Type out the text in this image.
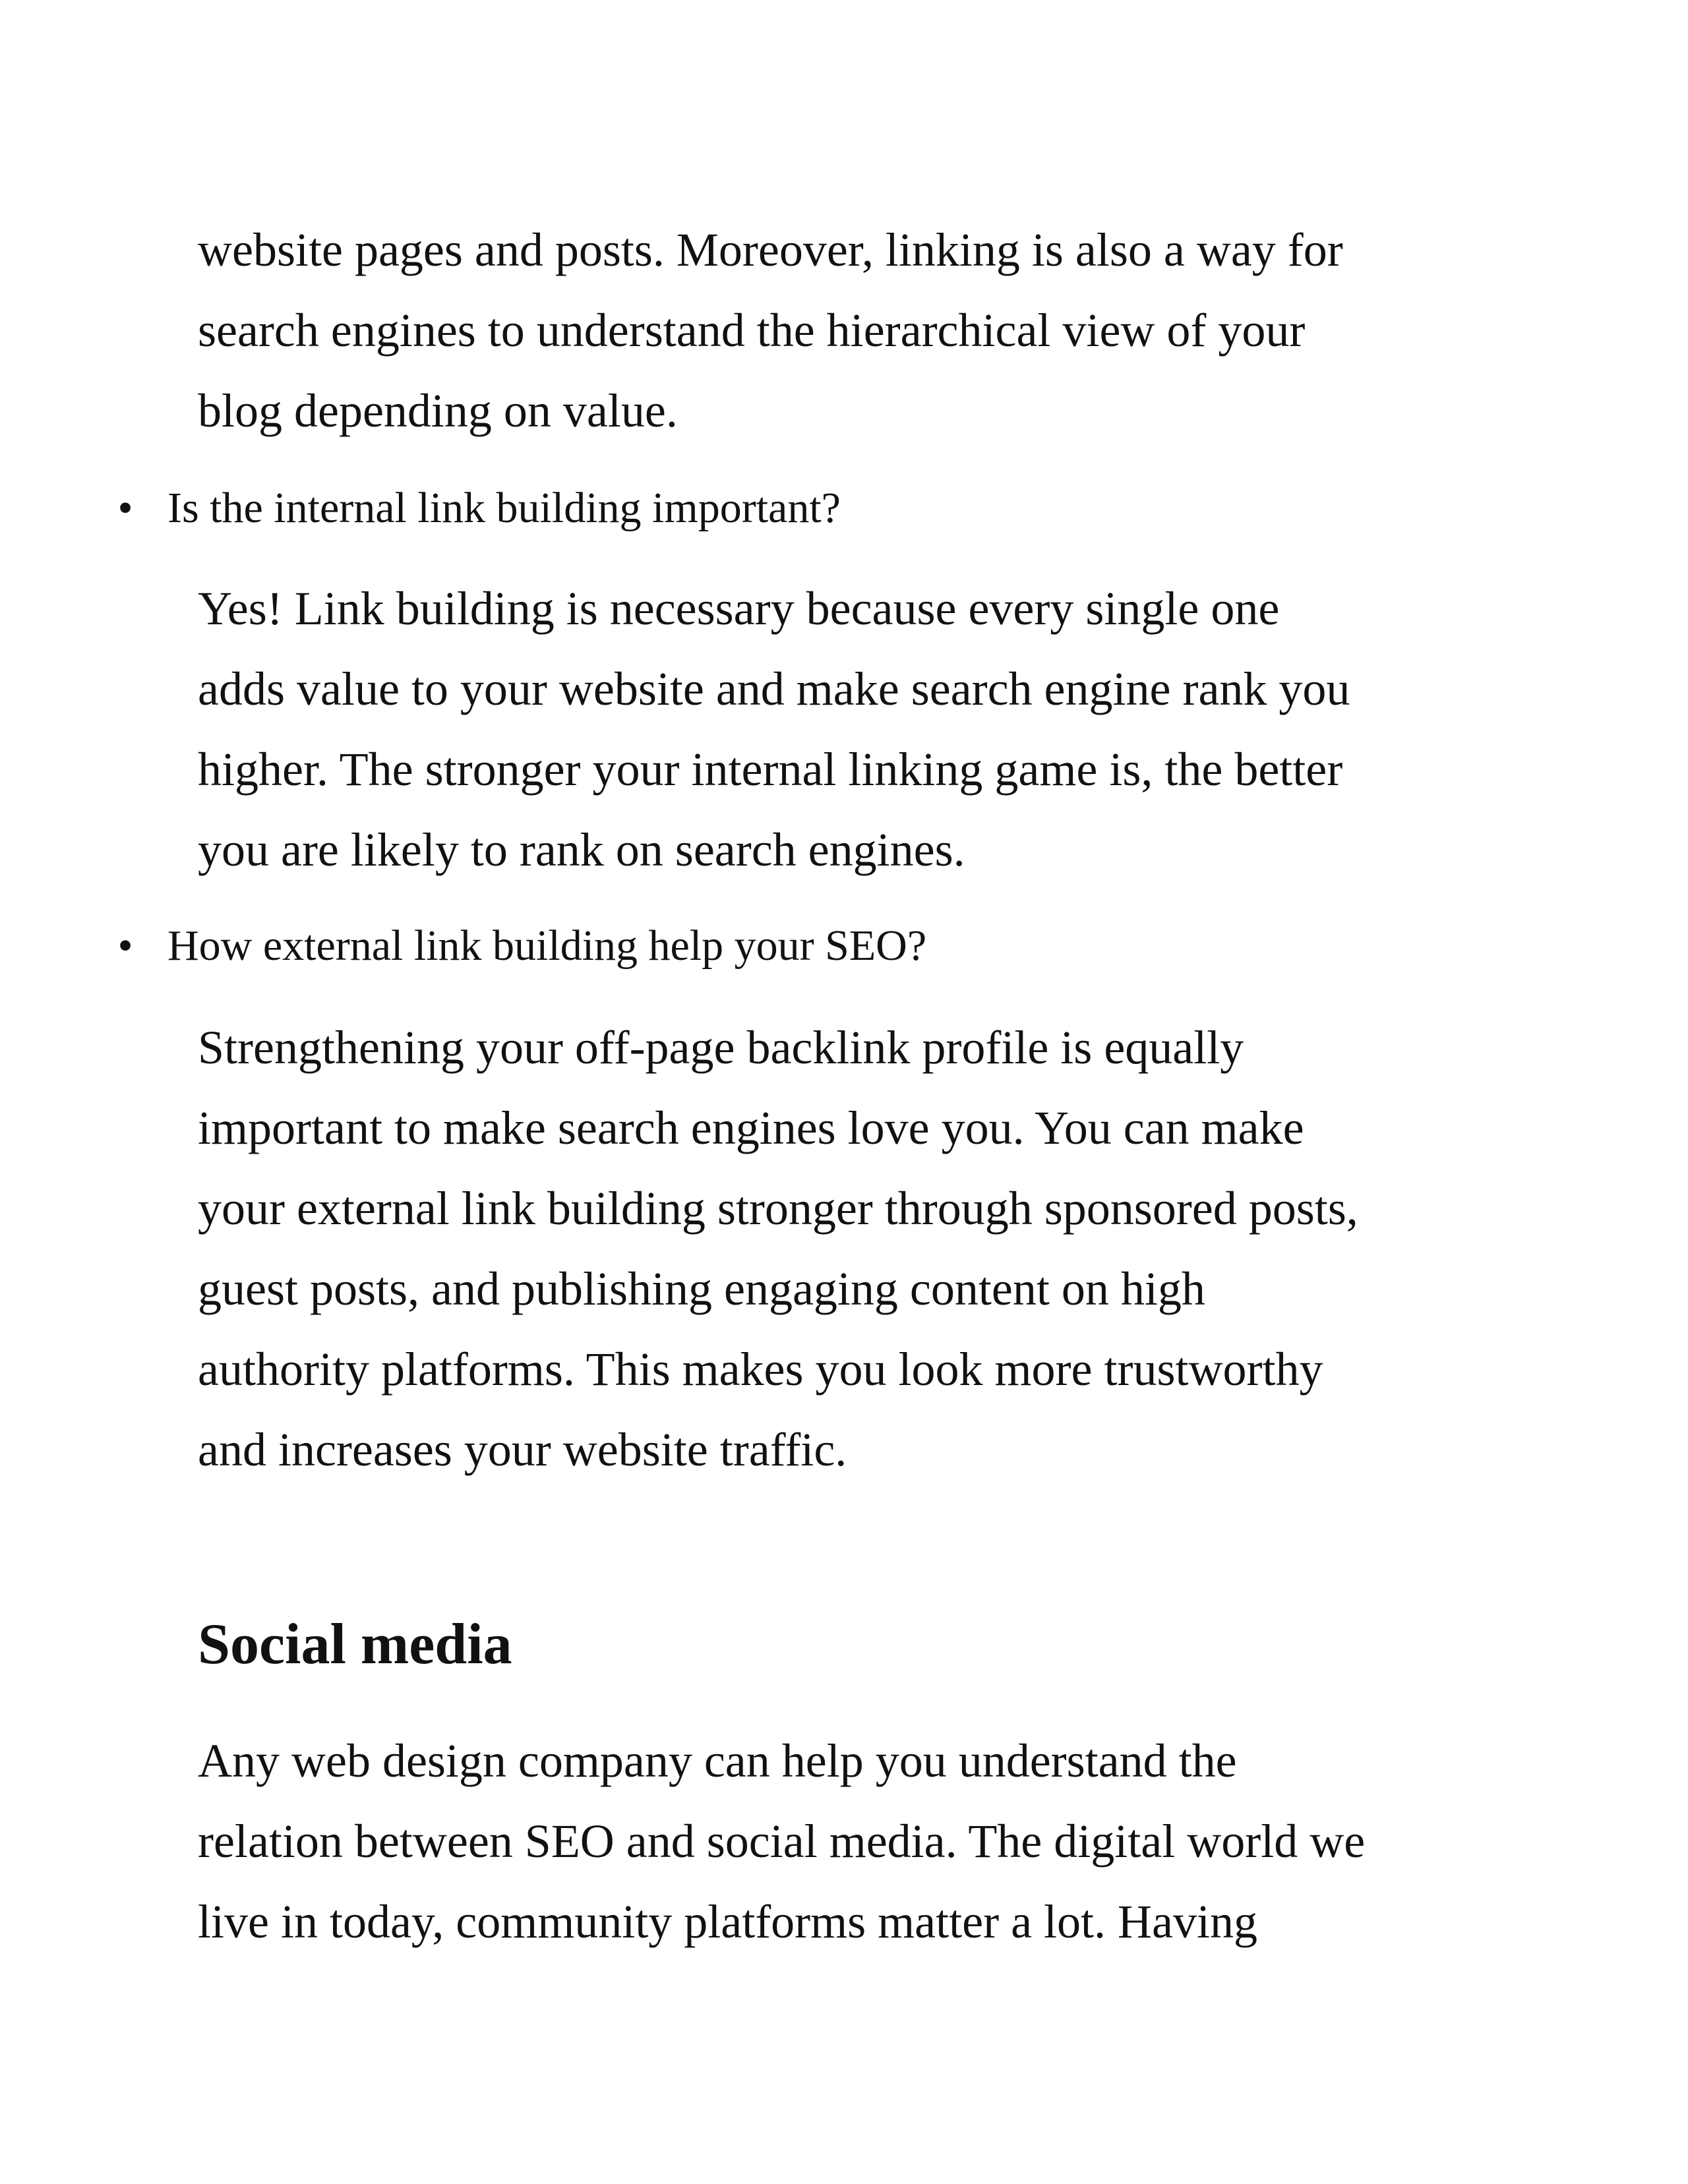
website pages and posts. Moreover, linking is also a way for
search engines to understand the hierarchical view of your
blog depending on value.
• Is the internal link building important?
Yes! Link building is necessary because every single one
adds value to your website and make search engine rank you
higher. The stronger your internal linking game is, the better
you are likely to rank on search engines.
• How external link building help your SEO?
Strengthening your off-page backlink profile is equally
important to make search engines love you. You can make
your external link building stronger through sponsored posts,
guest posts, and publishing engaging content on high
authority platforms. This makes you look more trustworthy
and increases your website traffic.
Social media
Any web design company can help you understand the
relation between SEO and social media. The digital world we
live in today, community platforms matter a lot. Having
